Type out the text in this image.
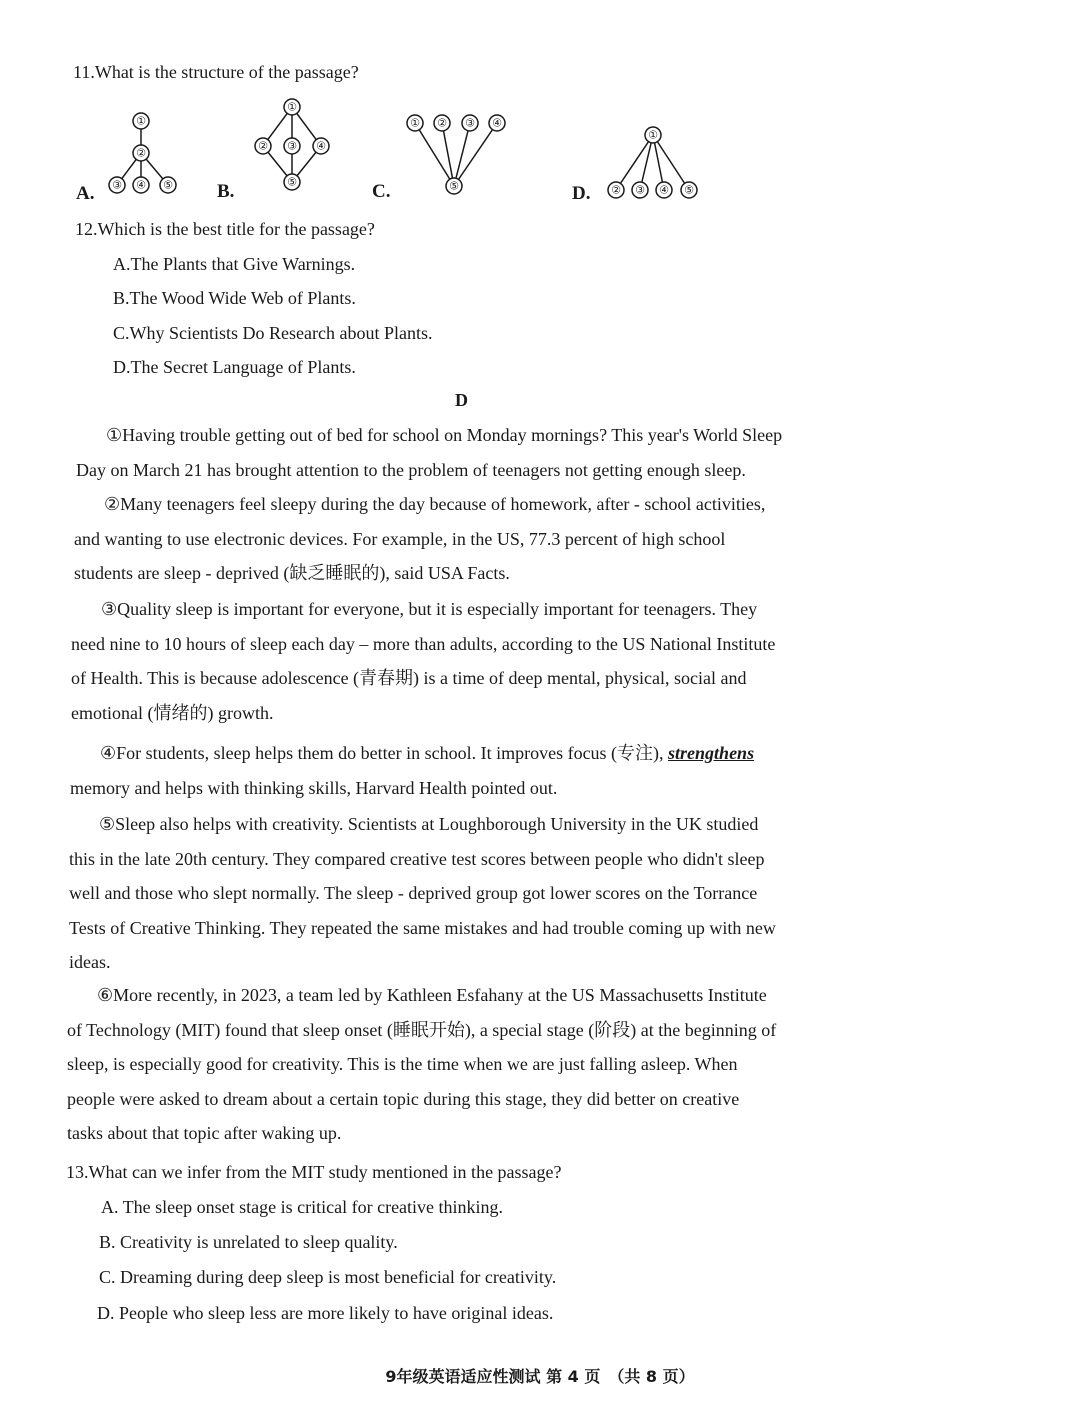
11.What is the structure of the passage?
A.
①
②
③ ④ ⑤ B.
①
② ③ ④
⑤	C.
① ② ③ ④
⑤	D.
①
② ③ ④ ⑤
12.Which is the best title for the passage?
A.The Plants that Give Warnings.
B.The Wood Wide Web of Plants.
C.Why Scientists Do Research about Plants.
D.The Secret Language of Plants.
D
①Having trouble getting out of bed for school on Monday mornings? This year's World Sleep
Day on March 21 has brought attention to the problem of teenagers not getting enough sleep.
②Many teenagers feel sleepy during the day because of homework, after - school activities,
and wanting to use electronic devices. For example, in the US, 77.3 percent of high school
students are sleep - deprived (缺乏睡眠的), said USA Facts.
③Quality sleep is important for everyone, but it is especially important for teenagers. They
need nine to 10 hours of sleep each day – more than adults, according to the US National Institute
of Health. This is because adolescence (青春期) is a time of deep mental, physical, social and
emotional (情绪的) growth.
④For students, sleep helps them do better in school. It improves focus (专注), strengthens
memory and helps with thinking skills, Harvard Health pointed out.
⑤Sleep also helps with creativity. Scientists at Loughborough University in the UK studied
this in the late 20th century. They compared creative test scores between people who didn't sleep
well and those who slept normally. The sleep - deprived group got lower scores on the Torrance
Tests of Creative Thinking. They repeated the same mistakes and had trouble coming up with new
ideas.
⑥More recently, in 2023, a team led by Kathleen Esfahany at the US Massachusetts Institute
of Technology (MIT) found that sleep onset (睡眠开始), a special stage (阶段) at the beginning of
sleep, is especially good for creativity. This is the time when we are just falling asleep. When
people were asked to dream about a certain topic during this stage, they did better on creative
tasks about that topic after waking up.
13.What can we infer from the MIT study mentioned in the passage?
A. The sleep onset stage is critical for creative thinking.
B. Creativity is unrelated to sleep quality.
C. Dreaming during deep sleep is most beneficial for creativity.
D. People who sleep less are more likely to have original ideas.
9年级英语适应性测试 第 4 页　（共 8 页）
